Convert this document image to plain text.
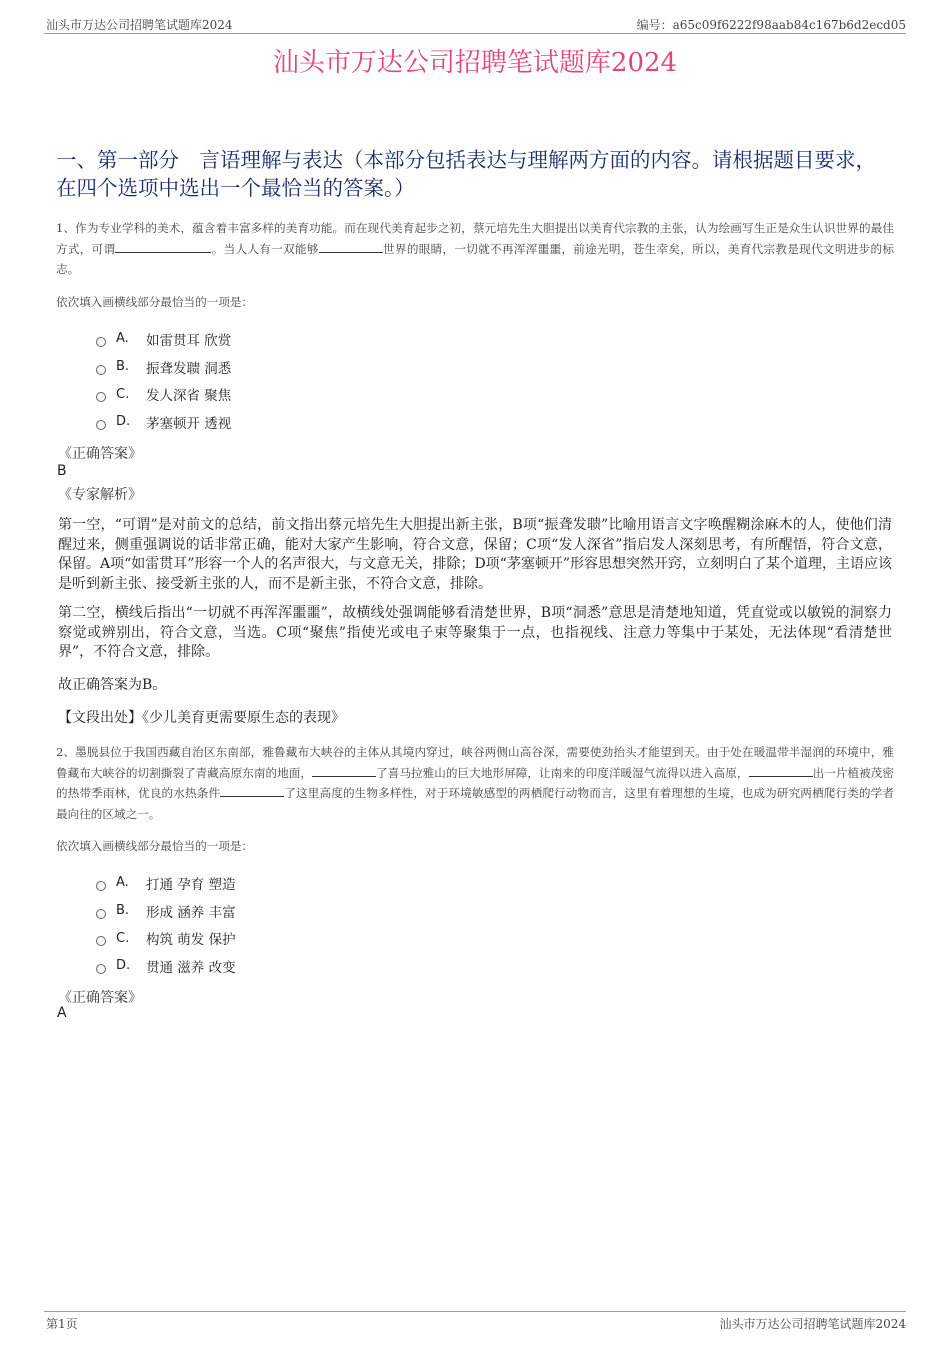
汕头市万达公司招聘笔试题库2024	编号：a65c09f6222f98aab84c167b6d2ecd05
汕头市万达公司招聘笔试题库2024
一、第一部分　言语理解与表达（本部分包括表达与理解两方面的内容。请根据题目要求，在四个选项中选出一个最恰当的答案。）
1、作为专业学科的美术，蕴含着丰富多样的美育功能。而在现代美育起步之初，蔡元培先生大胆提出以美育代宗教的主张，认为绘画写生正是众生认识世界的最佳方式，可谓	。当人人有一双能够	世界的眼睛，一切就不再浑浑噩噩，前途光明，苍生幸矣，所以，美育代宗教是现代文明进步的标志。
依次填入画横线部分最恰当的一项是：
A.	如雷贯耳 欣赏
B.	振聋发聩 洞悉
C.	发人深省 聚焦
D.	茅塞顿开 透视
《正确答案》
B
《专家解析》
第一空，“可谓”是对前文的总结，前文指出蔡元培先生大胆提出新主张，B项“振聋发聩”比喻用语言文字唤醒糊涂麻木的人，使他们清醒过来，侧重强调说的话非常正确，能对大家产生影响，符合文意，保留；C项“发人深省”指启发人深刻思考，有所醒悟，符合文意，保留。A项“如雷贯耳”形容一个人的名声很大，与文意无关，排除；D项“茅塞顿开”形容思想突然开窍，立刻明白了某个道理，主语应该是听到新主张、接受新主张的人，而不是新主张，不符合文意，排除。
第二空，横线后指出“一切就不再浑浑噩噩”，故横线处强调能够看清楚世界，B项“洞悉”意思是清楚地知道，凭直觉或以敏锐的洞察力察觉或辨别出，符合文意，当选。C项“聚焦”指使光或电子束等聚集于一点，也指视线、注意力等集中于某处，无法体现“看清楚世界”，不符合文意，排除。
故正确答案为B。
【文段出处】《少儿美育更需要原生态的表现》
2、墨脱县位于我国西藏自治区东南部，雅鲁藏布大峡谷的主体从其境内穿过，峡谷两侧山高谷深，需要使劲抬头才能望到天。由于处在暖温带半湿润的环境中，雅鲁藏布大峡谷的切割撕裂了青藏高原东南的地面，	了喜马拉雅山的巨大地形屏障，让南来的印度洋暖湿气流得以进入高原，	出一片植被茂密的热带季雨林，优良的水热条件	了这里高度的生物多样性，对于环境敏感型的两栖爬行动物而言，这里有着理想的生境，也成为研究两栖爬行类的学者最向往的区域之一。
依次填入画横线部分最恰当的一项是：
A.	打通 孕育 塑造
B.	形成 涵养 丰富
C.	构筑 萌发 保护
D.	贯通 滋养 改变
《正确答案》
A
第1页	汕头市万达公司招聘笔试题库2024
